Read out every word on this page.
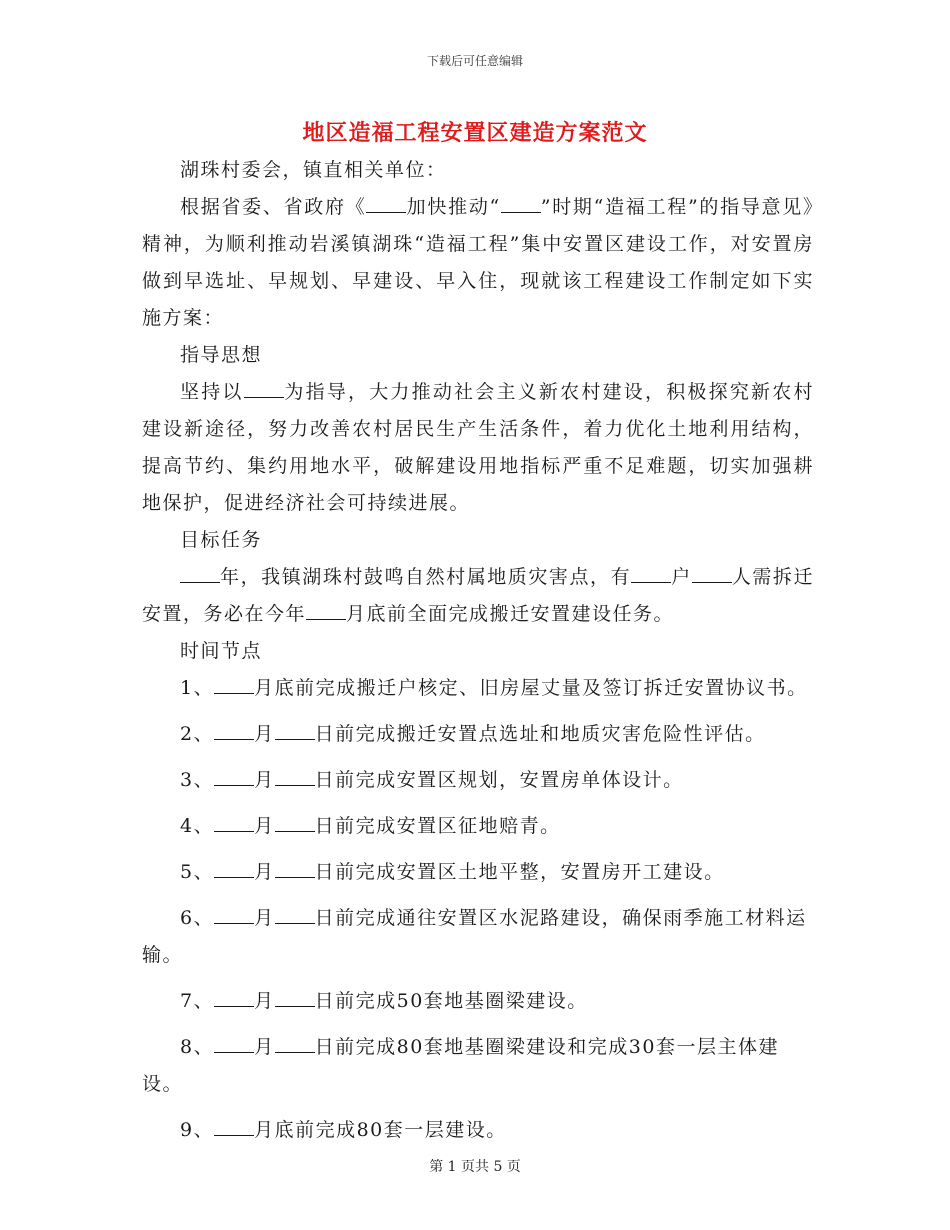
下载后可任意编辑
地区造福工程安置区建造方案范文

湖珠村委会，镇直相关单位：

根据省委、省政府《 加快推动“ ”时期“造福工程”的指导意见》精神，为顺利推动岩溪镇湖珠“造福工程”集中安置区建设工作，对安置房做到早选址、早规划、早建设、早入住，现就该工程建设工作制定如下实施方案：

指导思想

坚持以 为指导，大力推动社会主义新农村建设，积极探究新农村建设新途径，努力改善农村居民生产生活条件，着力优化土地利用结构，提高节约、集约用地水平，破解建设用地指标严重不足难题，切实加强耕地保护，促进经济社会可持续进展。

目标任务

年，我镇湖珠村鼓鸣自然村属地质灾害点，有 户 人需拆迁安置，务必在今年 月底前全面完成搬迁安置建设任务。

时间节点

1、 月底前完成搬迁户核定、旧房屋丈量及签订拆迁安置协议书。

2、 月 日前完成搬迁安置点选址和地质灾害危险性评估。

3、 月 日前完成安置区规划，安置房单体设计。

4、 月 日前完成安置区征地赔青。

5、 月 日前完成安置区土地平整，安置房开工建设。

6、 月 日前完成通往安置区水泥路建设，确保雨季施工材料运输。

7、 月 日前完成50套地基圈梁建设。

8、 月 日前完成80套地基圈梁建设和完成30套一层主体建设。

9、 月底前完成80套一层建设。

第 1 页共 5 页
